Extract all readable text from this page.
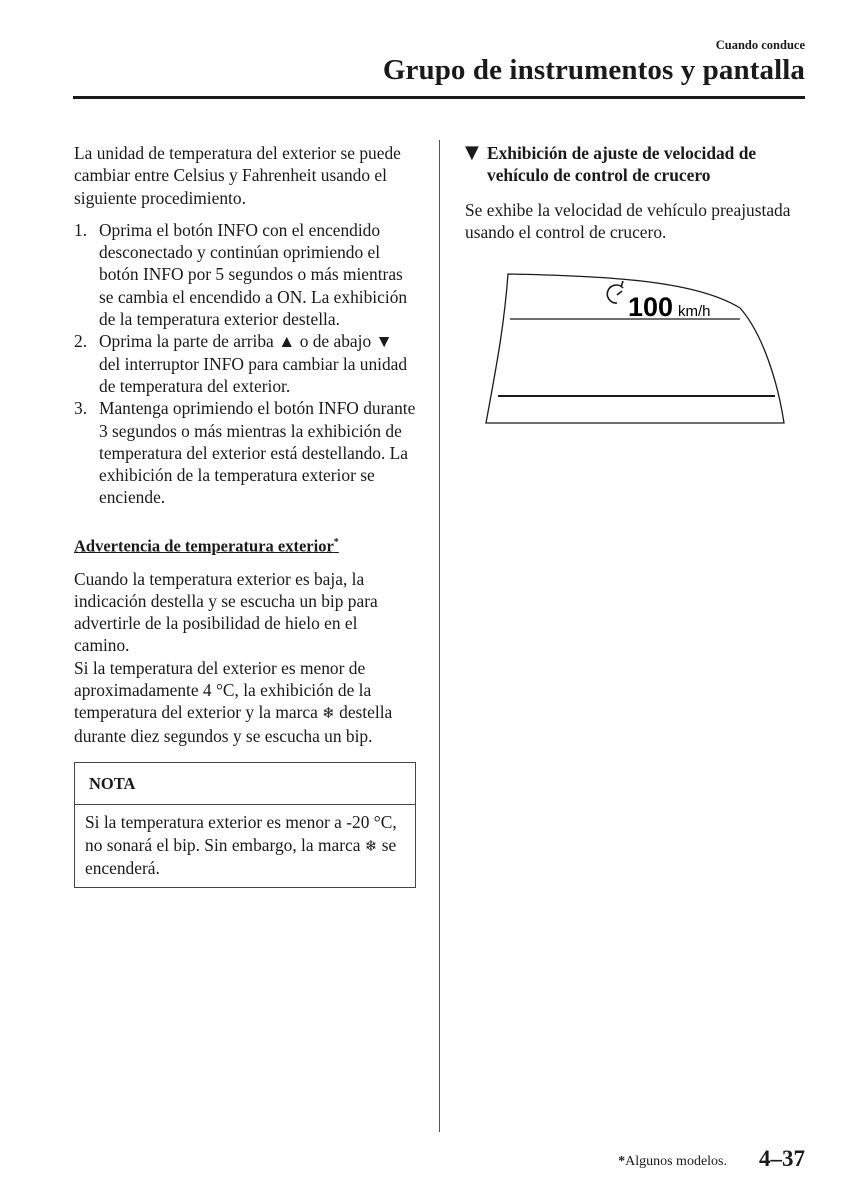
Cuando conduce
Grupo de instrumentos y pantalla

La unidad de temperatura del exterior se puede cambiar entre Celsius y Fahrenheit usando el siguiente procedimiento.

1. Oprima el botón INFO con el encendido desconectado y continúan oprimiendo el botón INFO por 5 segundos o más mientras se cambia el encendido a ON. La exhibición de la temperatura exterior destella.
2. Oprima la parte de arriba ▲ o de abajo ▼ del interruptor INFO para cambiar la unidad de temperatura del exterior.
3. Mantenga oprimiendo el botón INFO durante 3 segundos o más mientras la exhibición de temperatura del exterior está destellando. La exhibición de la temperatura exterior se enciende.

Advertencia de temperatura exterior*

Cuando la temperatura exterior es baja, la indicación destella y se escucha un bip para advertirle de la posibilidad de hielo en el camino.

Si la temperatura del exterior es menor de aproximadamente 4 °C, la exhibición de la temperatura del exterior y la marca ❄ destella durante diez segundos y se escucha un bip.

NOTA
Si la temperatura exterior es menor a -20 °C, no sonará el bip. Sin embargo, la marca ❄ se encenderá.

▼ Exhibición de ajuste de velocidad de vehículo de control de crucero

Se exhibe la velocidad de vehículo preajustada usando el control de crucero.

100 km/h
*Algunos modelos. 4–37
